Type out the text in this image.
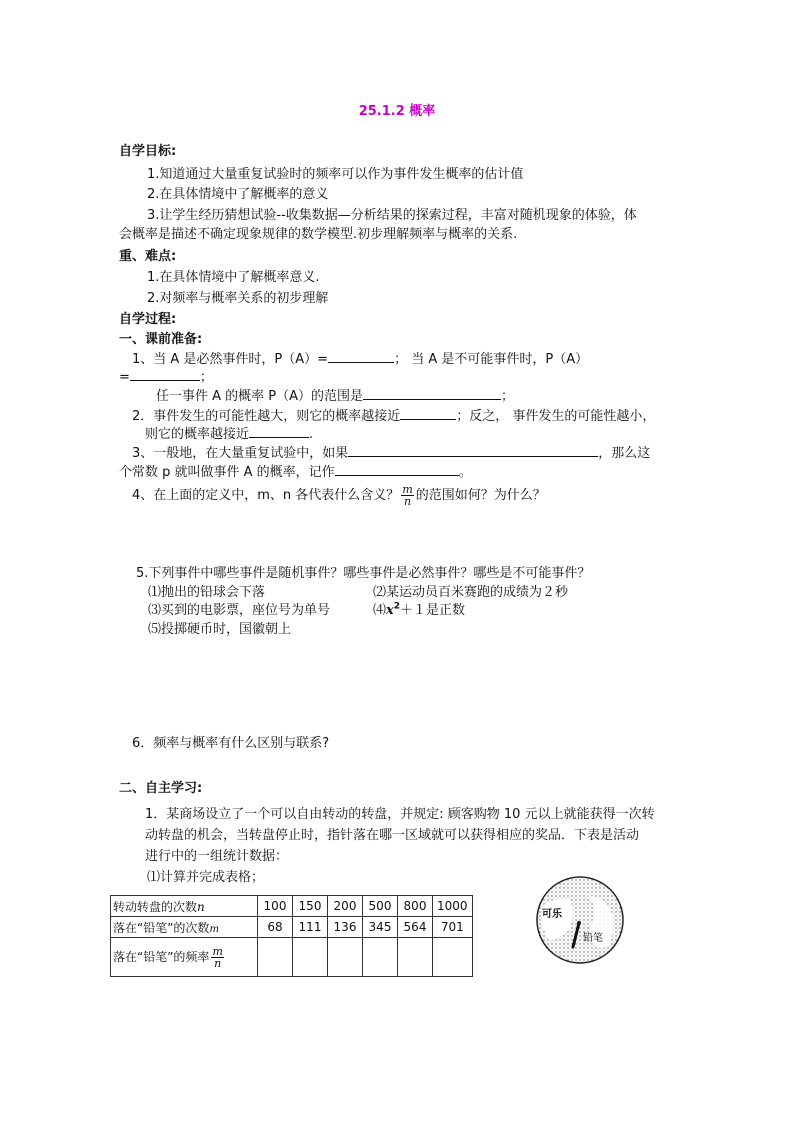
25.1.2 概率
自学目标:
1.知道通过大量重复试验时的频率可以作为事件发生概率的估计值
2.在具体情境中了解概率的意义
3.让学生经历猜想试验--收集数据—分析结果的探索过程，丰富对随机现象的体验，体
会概率是描述不确定现象规律的数学模型.初步理解频率与概率的关系.
重、难点:
1.在具体情境中了解概率意义.
2.对频率与概率关系的初步理解
自学过程:
一、课前准备:
1、当 A 是必然事件时，P（A）=	； 当 A 是不可能事件时，P（A）
=	；
任一事件 A 的概率 P（A）的范围是	；
2．事件发生的可能性越大，则它的概率越接近	；反之， 事件发生的可能性越小，
则它的概率越接近	.
3、一般地，在大量重复试验中，如果	，那么这
个常数 p 就叫做事件 A 的概率，记作	。
4、在上面的定义中，m、n 各代表什么含义？ $\frac{m}{n}$ 的范围如何？为什么？
5.下列事件中哪些事件是随机事件？哪些事件是必然事件？哪些是不可能事件？
⑴抛出的铅球会下落	⑵某运动员百米赛跑的成绩为２秒
⑶买到的电影票，座位号为单号	$⑷x^2+1$是正数
⑸投掷硬币时，国徽朝上
6．频率与概率有什么区别与联系?
二、自主学习:
1．某商场设立了一个可以自由转动的转盘，并规定: 顾客购物 10 元以上就能获得一次转
动转盘的机会，当转盘停止时，指针落在哪一区域就可以获得相应的奖品．下表是活动
进行中的一组统计数据：
⑴计算并完成表格；
转动转盘的次数n	100	150	200	500	800	1000
落在“铅笔”的次数m	68	111	136	345	564	701
落在“铅笔”的频率 $\frac{m}{n}$

可乐
铅笔
